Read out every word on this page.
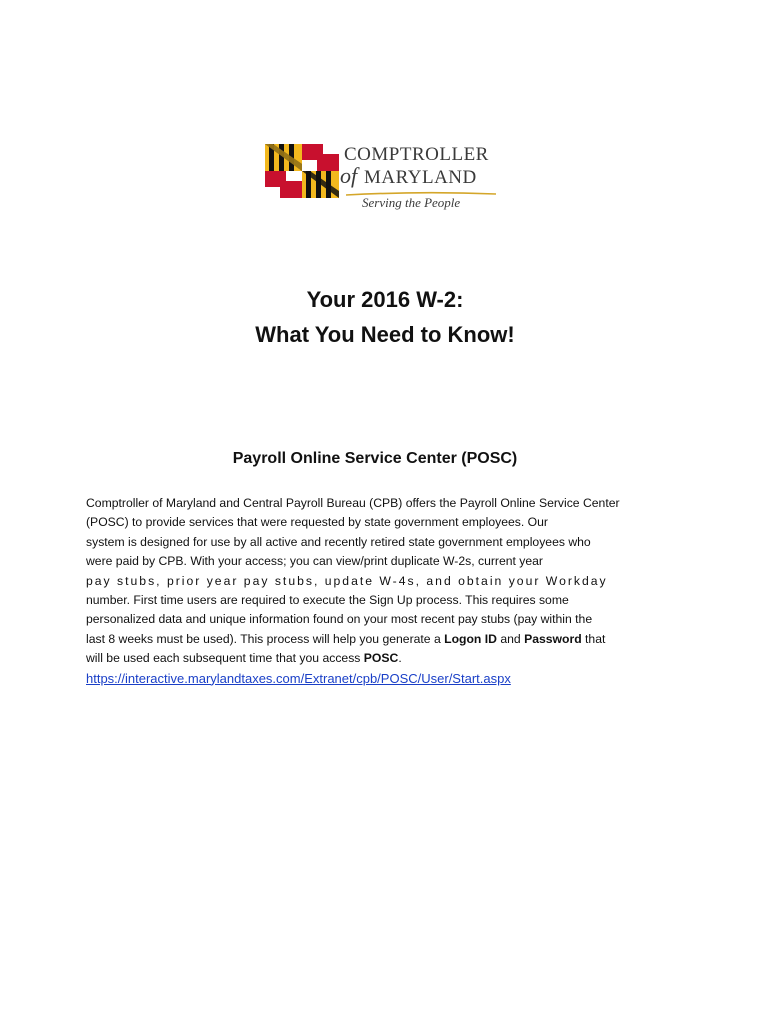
COMPTROLLER
of MARYLAND
Serving the People
Your 2016 W-2:
What You Need to Know!
Payroll Online Service Center (POSC)
Comptroller of Maryland and Central Payroll Bureau (CPB) offers the Payroll Online Service Center
(POSC) to provide services that were requested by state government employees. Our
system is designed for use by all active and recently retired state government employees who
were paid by CPB. With your access; you can view/print duplicate W-2s, current year
pay stubs, prior year pay stubs, update W-4s, and obtain your Workday
number. First time users are required to execute the Sign Up process. This requires some
personalized data and unique information found on your most recent pay stubs (pay within the
last 8 weeks must be used). This process will help you generate a Logon ID and Password that
will be used each subsequent time that you access POSC.
https://interactive.marylandtaxes.com/Extranet/cpb/POSC/User/Start.aspx
